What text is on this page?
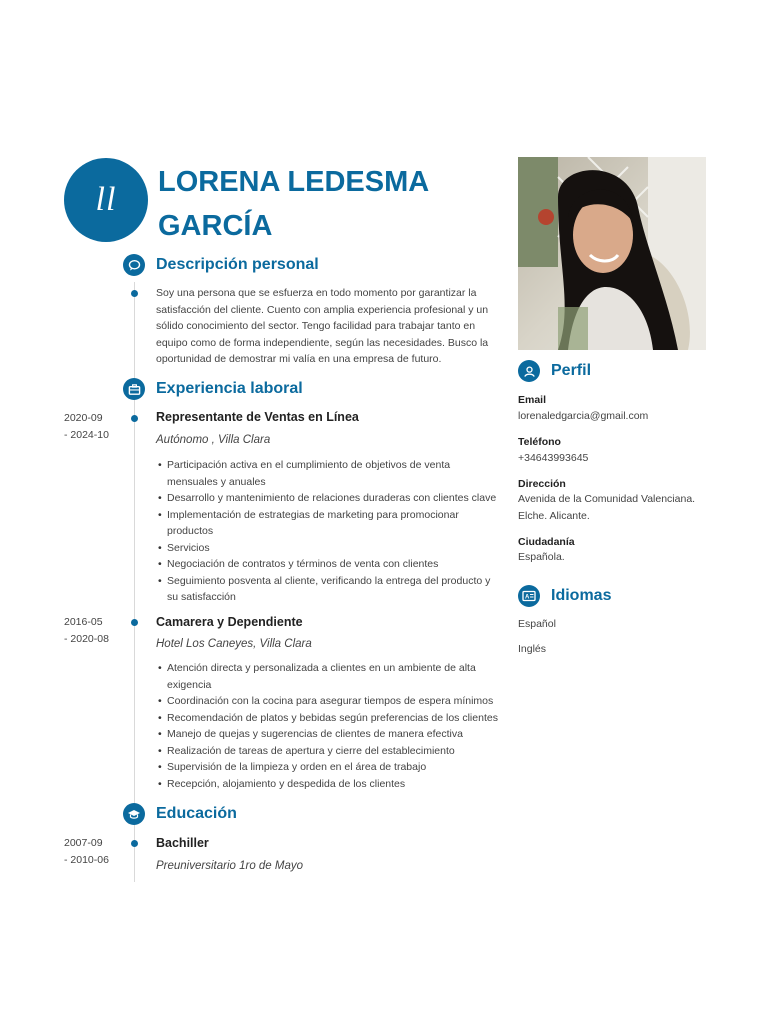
ll	LORENA LEDESMA
GARCÍA
Descripción personal
Soy una persona que se esfuerza en todo momento por garantizar la
satisfacción del cliente. Cuento con amplia experiencia profesional y un
sólido conocimiento del sector. Tengo facilidad para trabajar tanto en
equipo como de forma independiente, según las necesidades. Busco la
oportunidad de demostrar mi valía en una empresa de futuro.
Experiencia laboral
2020-09
- 2024-10
Representante de Ventas en Línea
Autónomo , Villa Clara
• Participación activa en el cumplimiento de objetivos de venta
mensuales y anuales
• Desarrollo y mantenimiento de relaciones duraderas con clientes clave
• Implementación de estrategias de marketing para promocionar
productos
• Servicios
• Negociación de contratos y términos de venta con clientes
• Seguimiento posventa al cliente, verificando la entrega del producto y
su satisfacción
2016-05
- 2020-08
Camarera y Dependiente
Hotel Los Caneyes, Villa Clara
• Atención directa y personalizada a clientes en un ambiente de alta
exigencia
• Coordinación con la cocina para asegurar tiempos de espera mínimos
• Recomendación de platos y bebidas según preferencias de los clientes
• Manejo de quejas y sugerencias de clientes de manera efectiva
• Realización de tareas de apertura y cierre del establecimiento
• Supervisión de la limpieza y orden en el área de trabajo
• Recepción, alojamiento y despedida de los clientes
Educación
2007-09
- 2010-06
Bachiller
Preuniversitario 1ro de Mayo
Perfil
Email
lorenaledgarcia@gmail.com
Teléfono
+34643993645
Dirección
Avenida de la Comunidad Valenciana.
Elche. Alicante.
Ciudadanía
Española.
A Idiomas
Español
Inglés
